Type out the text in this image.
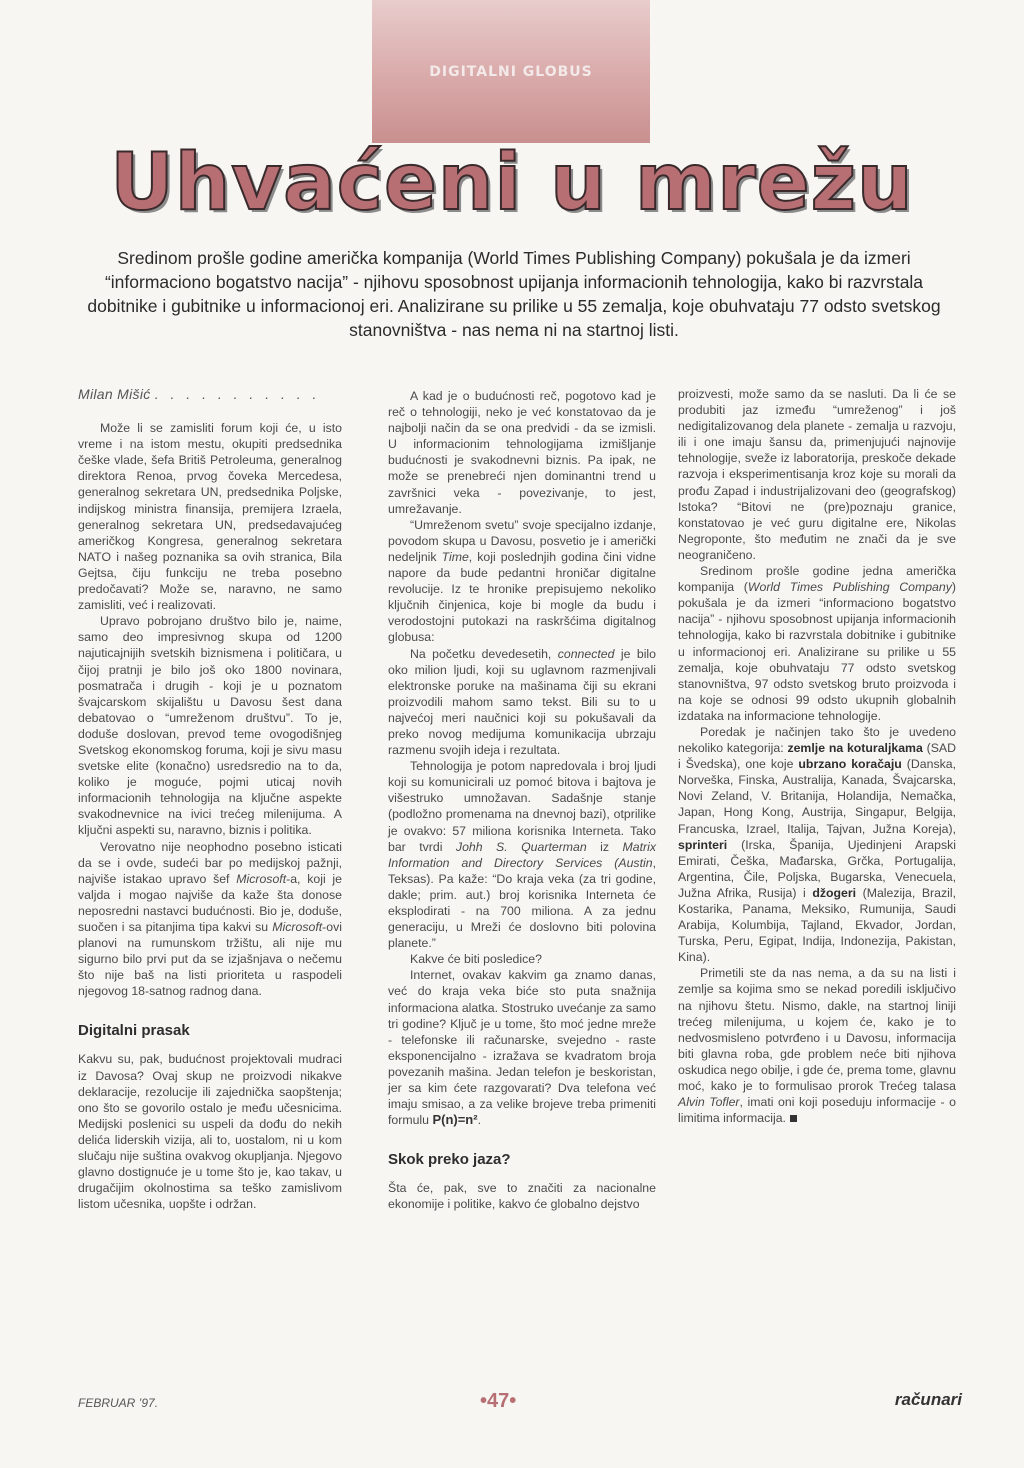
DIGITALNI GLOBUS
Uhvaćeni u mrežu

Sredinom prošle godine američka kompanija (World Times Publishing Company) pokušala je da izmeri “informaciono bogatstvo nacija” - njihovu sposobnost upijanja informacionih tehnologija, kako bi razvrstala dobitnike i gubitnike u informacionoj eri. Analizirane su prilike u 55 zemalja, koje obuhvataju 77 odsto svetskog stanovništva - nas nema ni na startnoj listi.

Milan Mišić . . . . . . . . . . .

Može li se zamisliti forum koji će, u isto vreme i na istom mestu, okupiti predsednika češke vlade, šefa Britiš Petroleuma, generalnog direktora Renoa, prvog čoveka Mercedesa, generalnog sekretara UN, predsednika Poljske, indijskog ministra finansija, premijera Izraela, generalnog sekretara UN, predsedavajućeg američkog Kongresa, generalnog sekretara NATO i našeg poznanika sa ovih stranica, Bila Gejtsa, čiju funkciju ne treba posebno predočavati? Može se, naravno, ne samo zamisliti, već i realizovati.

Upravo pobrojano društvo bilo je, naime, samo deo impresivnog skupa od 1200 najuticajnijih svetskih biznismena i političara, u čijoj pratnji je bilo još oko 1800 novinara, posmatrača i drugih - koji je u poznatom švajcarskom skijalištu u Davosu šest dana debatovao o “umreženom društvu”. To je, doduše doslovan, prevod teme ovogodišnjeg Svetskog ekonomskog foruma, koji je sivu masu svetske elite (konačno) usredsredio na to da, koliko je moguće, pojmi uticaj novih informacionih tehnologija na ključne aspekte svakodnevnice na ivici trećeg milenijuma. A ključni aspekti su, naravno, biznis i politika.

Verovatno nije neophodno posebno isticati da se i ovde, sudeći bar po medijskoj pažnji, najviše istakao upravo šef Microsoft-a, koji je valjda i mogao najviše da kaže šta donose neposredni nastavci budućnosti. Bio je, doduše, suočen i sa pitanjima tipa kakvi su Microsoft-ovi planovi na rumunskom tržištu, ali nije mu sigurno bilo prvi put da se izjašnjava o nečemu što nije baš na listi prioriteta u raspodeli njegovog 18-satnog radnog dana.

Digitalni prasak

Kakvu su, pak, budućnost projektovali mudraci iz Davosa? Ovaj skup ne proizvodi nikakve deklaracije, rezolucije ili zajednička saopštenja; ono što se govorilo ostalo je među učesnicima. Medijski poslenici su uspeli da dođu do nekih delića liderskih vizija, ali to, uostalom, ni u kom slučaju nije suština ovakvog okupljanja. Njegovo glavno dostignuće je u tome što je, kao takav, u drugačijim okolnostima sa teško zamislivom listom učesnika, uopšte i održan.

A kad je o budućnosti reč, pogotovo kad je reč o tehnologiji, neko je već konstatovao da je najbolji način da se ona predvidi - da se izmisli. U informacionim tehnologijama izmišljanje budućnosti je svakodnevni biznis. Pa ipak, ne može se prenebreći njen dominantni trend u završnici veka - povezivanje, to jest, umrežavanje.

“Umreženom svetu” svoje specijalno izdanje, povodom skupa u Davosu, posvetio je i američki nedeljnik Time, koji poslednjih godina čini vidne napore da bude pedantni hroničar digitalne revolucije. Iz te hronike prepisujemo nekoliko ključnih činjenica, koje bi mogle da budu i verodostojni putokazi na raskršćima digitalnog globusa:

Na početku devedesetih, connected je bilo oko milion ljudi, koji su uglavnom razmenjivali elektronske poruke na mašinama čiji su ekrani proizvodili mahom samo tekst. Bili su to u najvećoj meri naučnici koji su pokušavali da preko novog medijuma komunikacija ubrzaju razmenu svojih ideja i rezultata.

Tehnologija je potom napredovala i broj ljudi koji su komunicirali uz pomoć bitova i bajtova je višestruko umnožavan. Sadašnje stanje (podložno promenama na dnevnoj bazi), otprilike je ovakvo: 57 miliona korisnika Interneta. Tako bar tvrdi Johh S. Quarterman iz Matrix Information and Directory Services (Austin, Teksas). Pa kaže: “Do kraja veka (za tri godine, dakle; prim. aut.) broj korisnika Interneta će eksplodirati - na 700 miliona. A za jednu generaciju, u Mreži će doslovno biti polovina planete.”

Kakve će biti posledice?

Internet, ovakav kakvim ga znamo danas, već do kraja veka biće sto puta snažnija informaciona alatka. Stostruko uvećanje za samo tri godine? Ključ je u tome, što moć jedne mreže - telefonske ili računarske, svejedno - raste eksponencijalno - izražava se kvadratom broja povezanih mašina. Jedan telefon je beskoristan, jer sa kim ćete razgovarati? Dva telefona već imaju smisao, a za velike brojeve treba primeniti formulu P(n)=n².

Skok preko jaza?

Šta će, pak, sve to značiti za nacionalne ekonomije i politike, kakvo će globalno dejstvo

proizvesti, može samo da se nasluti. Da li će se produbiti jaz između “umreženog” i još nedigitalizovanog dela planete - zemalja u razvoju, ili i one imaju šansu da, primenjujući najnovije tehnologije, sveže iz laboratorija, preskoče dekade razvoja i eksperimentisanja kroz koje su morali da prođu Zapad i industrijalizovani deo (geografskog) Istoka? “Bitovi ne (pre)poznaju granice, konstatovao je već guru digitalne ere, Nikolas Negroponte, što međutim ne znači da je sve neograničeno.

Sredinom prošle godine jedna američka kompanija (World Times Publishing Company) pokušala je da izmeri “informaciono bogatstvo nacija” - njihovu sposobnost upijanja informacionih tehnologija, kako bi razvrstala dobitnike i gubitnike u informacionoj eri. Analizirane su prilike u 55 zemalja, koje obuhvataju 77 odsto svetskog stanovništva, 97 odsto svetskog bruto proizvoda i na koje se odnosi 99 odsto ukupnih globalnih izdataka na informacione tehnologije.

Poredak je načinjen tako što je uvedeno nekoliko kategorija: zemlje na koturaljkama (SAD i Švedska), one koje ubrzano koračaju (Danska, Norveška, Finska, Australija, Kanada, Švajcarska, Novi Zeland, V. Britanija, Holandija, Nemačka, Japan, Hong Kong, Austrija, Singapur, Belgija, Francuska, Izrael, Italija, Tajvan, Južna Koreja), sprinteri (Irska, Španija, Ujedinjeni Arapski Emirati, Češka, Mađarska, Grčka, Portugalija, Argentina, Čile, Poljska, Bugarska, Venecuela, Južna Afrika, Rusija) i džogeri (Malezija, Brazil, Kostarika, Panama, Meksiko, Rumunija, Saudi Arabija, Kolumbija, Tajland, Ekvador, Jordan, Turska, Peru, Egipat, Indija, Indonezija, Pakistan, Kina).

Primetili ste da nas nema, a da su na listi i zemlje sa kojima smo se nekad poredili isključivo na njihovu štetu. Nismo, dakle, na startnoj liniji trećeg milenijuma, u kojem će, kako je to nedvosmisleno potvrđeno i u Davosu, informacija biti glavna roba, gde problem neće biti njihova oskudica nego obilje, i gde će, prema tome, glavnu moć, kako je to formulisao prorok Trećeg talasa Alvin Tofler, imati oni koji poseduju informacije - o limitima informacija.

FEBRUAR ’97.	•47•	računari
